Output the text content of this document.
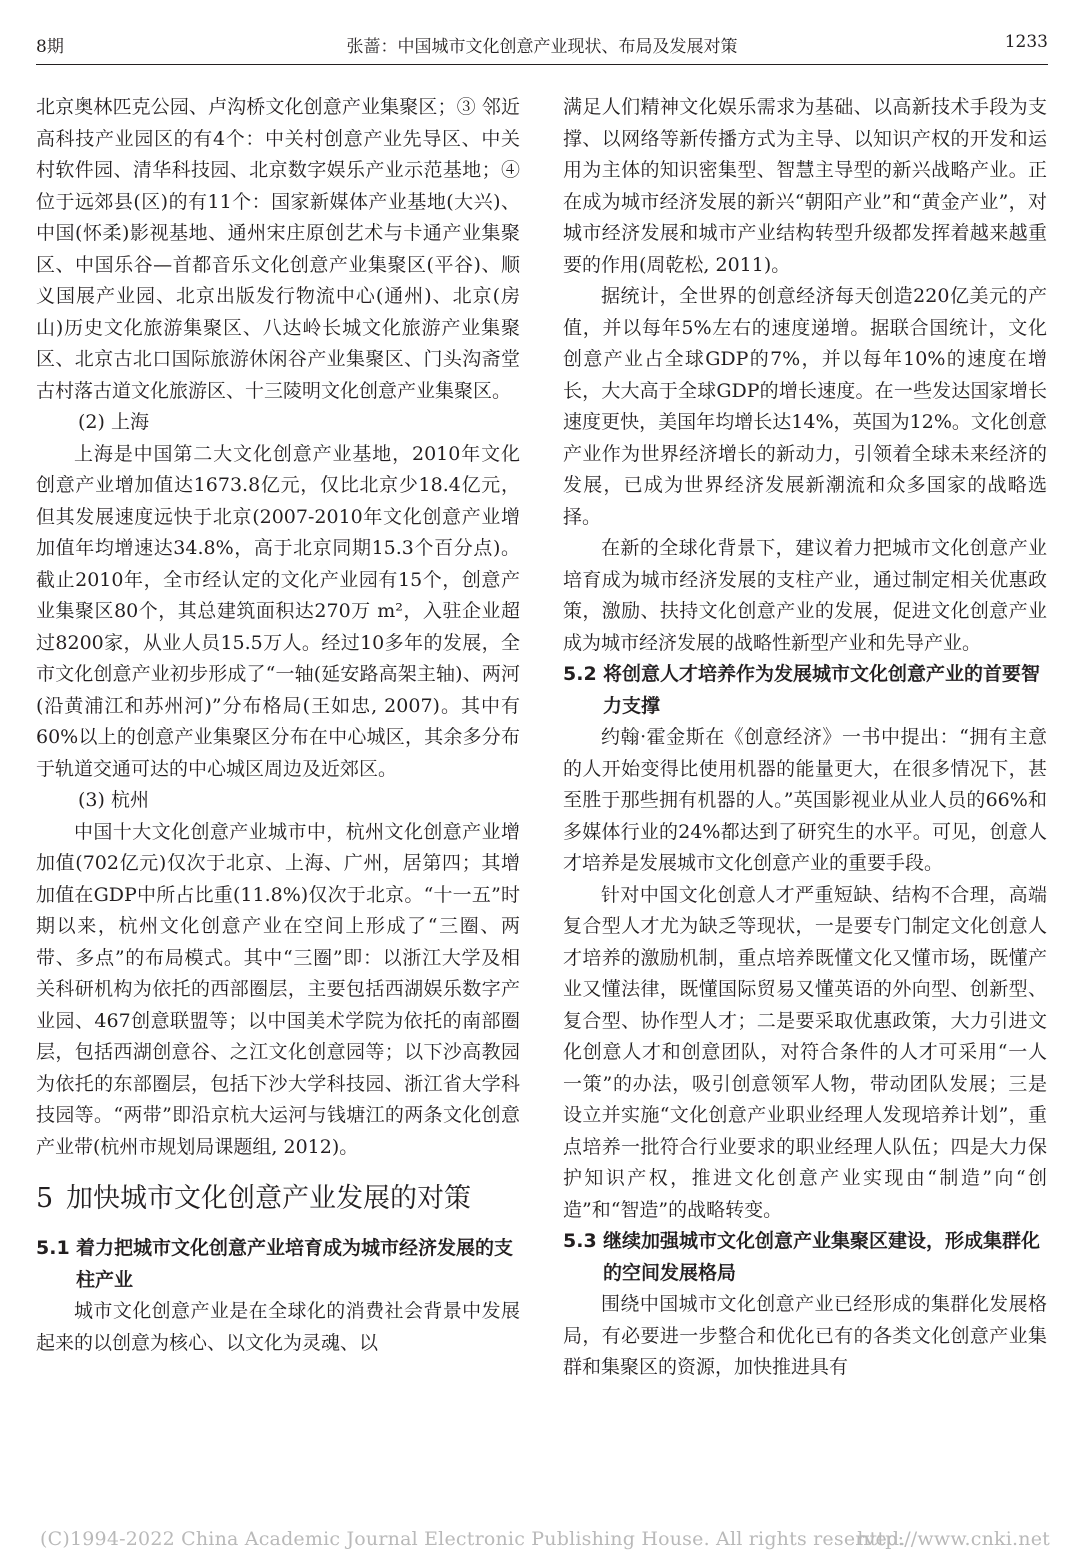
8期	张蔷：中国城市文化创意产业现状、布局及发展对策	1233

北京奥林匹克公园、卢沟桥文化创意产业集聚区；③ 邻近高科技产业园区的有4个：中关村创意产业先导区、中关村软件园、清华科技园、北京数字娱乐产业示范基地；④ 位于远郊县(区)的有11个：国家新媒体产业基地(大兴)、中国(怀柔)影视基地、通州宋庄原创艺术与卡通产业集聚区、中国乐谷—首都音乐文化创意产业集聚区(平谷)、顺义国展产业园、北京出版发行物流中心(通州)、北京(房山)历史文化旅游集聚区、八达岭长城文化旅游产业集聚区、北京古北口国际旅游休闲谷产业集聚区、门头沟斋堂古村落古道文化旅游区、十三陵明文化创意产业集聚区。

(2) 上海

上海是中国第二大文化创意产业基地，2010年文化创意产业增加值达1673.8亿元，仅比北京少18.4亿元，但其发展速度远快于北京(2007-2010年文化创意产业增加值年均增速达34.8%，高于北京同期15.3个百分点)。截止2010年，全市经认定的文化产业园有15个，创意产业集聚区80个，其总建筑面积达270万 m²，入驻企业超过8200家，从业人员15.5万人。经过10多年的发展，全市文化创意产业初步形成了“一轴(延安路高架主轴)、两河(沿黄浦江和苏州河)”分布格局(王如忠, 2007)。其中有60%以上的创意产业集聚区分布在中心城区，其余多分布于轨道交通可达的中心城区周边及近郊区。

(3) 杭州

中国十大文化创意产业城市中，杭州文化创意产业增加值(702亿元)仅次于北京、上海、广州，居第四；其增加值在GDP中所占比重(11.8%)仅次于北京。“十一五”时期以来，杭州文化创意产业在空间上形成了“三圈、两带、多点”的布局模式。其中“三圈”即：以浙江大学及相关科研机构为依托的西部圈层，主要包括西湖娱乐数字产业园、467创意联盟等；以中国美术学院为依托的南部圈层，包括西湖创意谷、之江文化创意园等；以下沙高教园为依托的东部圈层，包括下沙大学科技园、浙江省大学科技园等。“两带”即沿京杭大运河与钱塘江的两条文化创意产业带(杭州市规划局课题组, 2012)。

5 加快城市文化创意产业发展的对策
5.1 着力把城市文化创意产业培育成为城市经济发展的支柱产业

城市文化创意产业是在全球化的消费社会背景中发展起来的以创意为核心、以文化为灵魂、以

满足人们精神文化娱乐需求为基础、以高新技术手段为支撑、以网络等新传播方式为主导、以知识产权的开发和运用为主体的知识密集型、智慧主导型的新兴战略产业。正在成为城市经济发展的新兴“朝阳产业”和“黄金产业”，对城市经济发展和城市产业结构转型升级都发挥着越来越重要的作用(周乾松, 2011)。

据统计，全世界的创意经济每天创造220亿美元的产值，并以每年5%左右的速度递增。据联合国统计，文化创意产业占全球GDP的7%，并以每年10%的速度在增长，大大高于全球GDP的增长速度。在一些发达国家增长速度更快，美国年均增长达14%，英国为12%。文化创意产业作为世界经济增长的新动力，引领着全球未来经济的发展，已成为世界经济发展新潮流和众多国家的战略选择。

在新的全球化背景下，建议着力把城市文化创意产业培育成为城市经济发展的支柱产业，通过制定相关优惠政策，激励、扶持文化创意产业的发展，促进文化创意产业成为城市经济发展的战略性新型产业和先导产业。

5.2 将创意人才培养作为发展城市文化创意产业的首要智力支撑

约翰·霍金斯在《创意经济》一书中提出：“拥有主意的人开始变得比使用机器的能量更大，在很多情况下，甚至胜于那些拥有机器的人。”英国影视业从业人员的66%和多媒体行业的24%都达到了研究生的水平。可见，创意人才培养是发展城市文化创意产业的重要手段。

针对中国文化创意人才严重短缺、结构不合理，高端复合型人才尤为缺乏等现状，一是要专门制定文化创意人才培养的激励机制，重点培养既懂文化又懂市场，既懂产业又懂法律，既懂国际贸易又懂英语的外向型、创新型、复合型、协作型人才；二是要采取优惠政策，大力引进文化创意人才和创意团队，对符合条件的人才可采用“一人一策”的办法，吸引创意领军人物，带动团队发展；三是设立并实施“文化创意产业职业经理人发现培养计划”，重点培养一批符合行业要求的职业经理人队伍；四是大力保护知识产权，推进文化创意产业实现由“制造”向“创造”和“智造”的战略转变。

5.3 继续加强城市文化创意产业集聚区建设，形成集群化的空间发展格局

围绕中国城市文化创意产业已经形成的集群化发展格局，有必要进一步整合和优化已有的各类文化创意产业集群和集聚区的资源，加快推进具有

(C)1994-2022 China Academic Journal Electronic Publishing House. All rights reserved.
http://www.cnki.net
